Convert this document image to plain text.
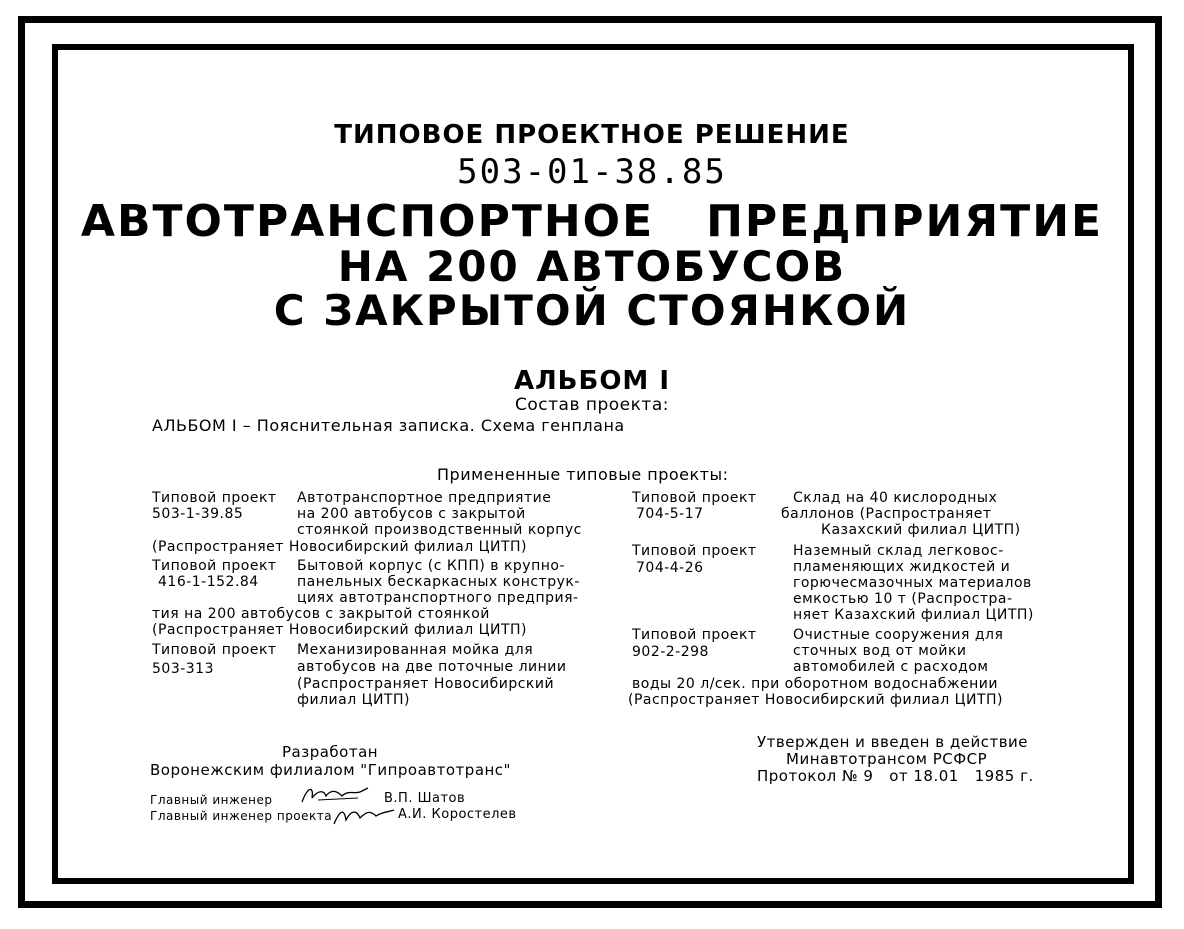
ТИПОВОЕ ПРОЕКТНОЕ РЕШЕНИЕ
503-01-38.85
АВТОТРАНСПОРТНОЕ   ПРЕДПРИЯТИЕ
НА 200 АВТОБУСОВ
С ЗАКРЫТОЙ СТОЯНКОЙ
АЛЬБОМ I
Состав проекта:
АЛЬБОМ I – Пояснительная записка. Схема генплана
Примененные типовые проекты:
Типовой проект
503-1-39.85
Автотранспортное предприятие
на 200 автобусов с закрытой
стоянкой производственный корпус
(Распространяет Новосибирский филиал ЦИТП)
Типовой проект
416-1-152.84
Бытовой корпус (с КПП) в крупно-
панельных бескаркасных конструк-
циях автотранспортного предприя-
тия на 200 автобусов с закрытой стоянкой
(Распространяет Новосибирский филиал ЦИТП)
Типовой проект
503-313
Механизированная мойка для
автобусов на две поточные линии
(Распространяет Новосибирский
филиал ЦИТП)
Типовой проект
704-5-17
Склад на 40 кислородных
баллонов (Распространяет
Казахский филиал ЦИТП)
Типовой проект
704-4-26
Наземный склад легковос-
пламеняющих жидкостей и
горючесмазочных материалов
емкостью 10 т (Распростра-
няет Казахский филиал ЦИТП)
Типовой проект
902-2-298
Очистные сооружения для
сточных вод от мойки
автомобилей с расходом
воды 20 л/сек. при оборотном водоснабжении
(Распространяет Новосибирский филиал ЦИТП)
Разработан
Воронежским филиалом "Гипроавтотранс"
Утвержден и введен в действие
Минавтотрансом РСФСР
Протокол № 9   от 18.01   1985 г.
Главный инженер	В.П. Шатов
Главный инженер проекта	А.И. Коростелев
